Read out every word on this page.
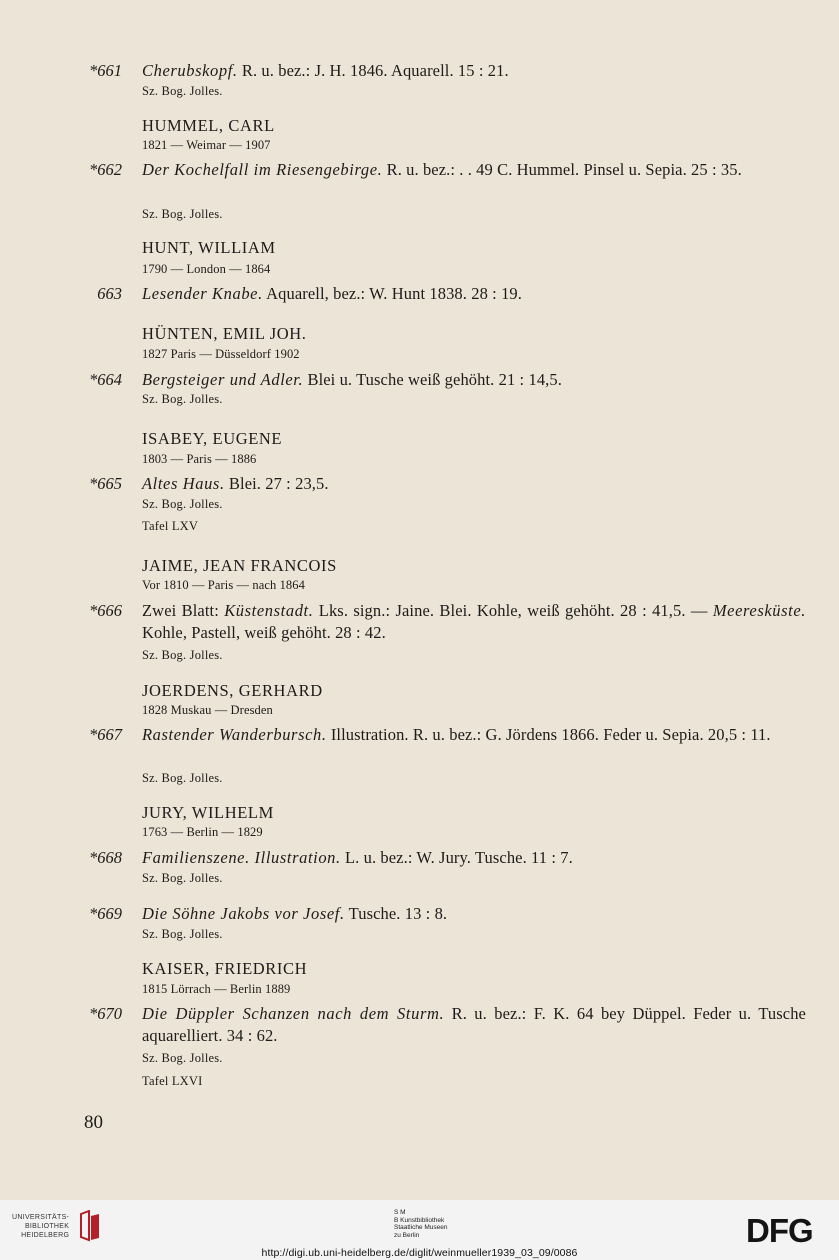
*661 Cherubskopf. R. u. bez.: J. H. 1846. Aquarell. 15 : 21.
Sz. Bog. Jolles.
HUMMEL, CARL
1821 — Weimar — 1907
*662 Der Kochelfall im Riesengebirge. R. u. bez.: . . 49 C. Hummel. Pinsel u. Sepia. 25 : 35.
Sz. Bog. Jolles.
HUNT, WILLIAM
1790 — London — 1864
663 Lesender Knabe. Aquarell, bez.: W. Hunt 1838. 28 : 19.
HÜNTEN, EMIL JOH.
1827 Paris — Düsseldorf 1902
*664 Bergsteiger und Adler. Blei u. Tusche weiß gehöht. 21 : 14,5.
Sz. Bog. Jolles.
ISABEY, EUGENE
1803 — Paris — 1886
*665 Altes Haus. Blei. 27 : 23,5.
Sz. Bog. Jolles.
Tafel LXV
JAIME, JEAN FRANCOIS
Vor 1810 — Paris — nach 1864
*666 Zwei Blatt: Küstenstadt. Lks. sign.: Jaine. Blei. Kohle, weiß gehöht. 28 : 41,5. — Meeresküste. Kohle, Pastell, weiß gehöht. 28 : 42.
Sz. Bog. Jolles.
JOERDENS, GERHARD
1828 Muskau — Dresden
*667 Rastender Wanderbursch. Illustration. R. u. bez.: G. Jördens 1866. Feder u. Sepia. 20,5 : 11.
Sz. Bog. Jolles.
JURY, WILHELM
1763 — Berlin — 1829
*668 Familienszene. Illustration. L. u. bez.: W. Jury. Tusche. 11 : 7.
Sz. Bog. Jolles.
*669 Die Söhne Jakobs vor Josef. Tusche. 13 : 8.
Sz. Bog. Jolles.
KAISER, FRIEDRICH
1815 Lörrach — Berlin 1889
*670 Die Düppler Schanzen nach dem Sturm. R. u. bez.: F. K. 64 bey Düppel. Feder u. Tusche aquarelliert. 34 : 62.
Sz. Bog. Jolles.
Tafel LXVI
80
UNIVERSITÄTS-
BIBLIOTHEK
HEIDELBERG
S M
B Kunstbibliothek
Staatliche Museen
zu Berlin	DFG
http://digi.ub.uni-heidelberg.de/diglit/weinmueller1939_03_09/0086
